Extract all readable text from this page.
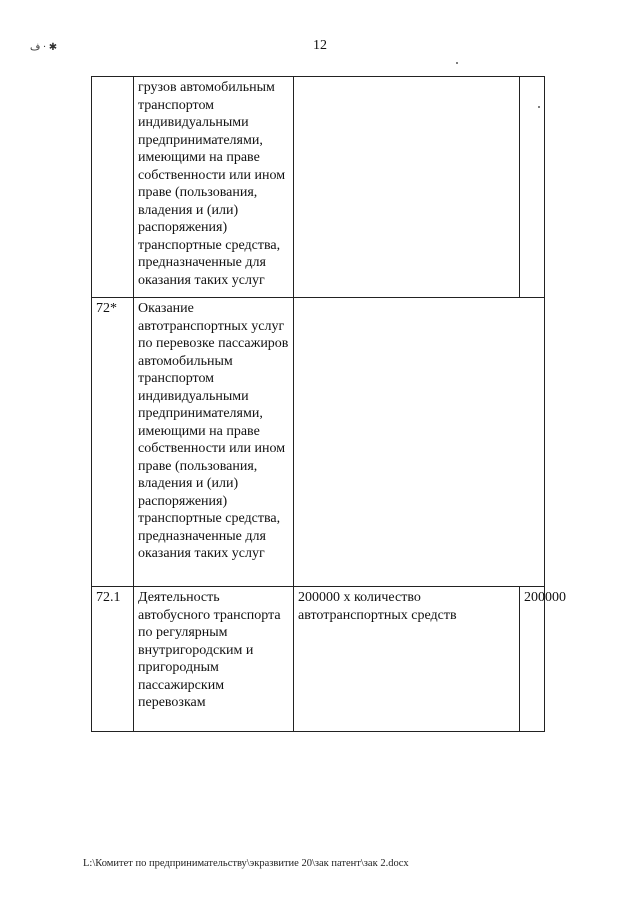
12
ف · ✱
	грузов автомобильным транспортом индивидуальными предпринимателями, имеющими на праве собственности или ином праве (пользования, владения и (или) распоряжения) транспортные средства, предназначенные для оказания таких услуг		
72*	Оказание автотранспортных услуг по перевозке пассажиров автомобильным транспортом индивидуальными предпринимателями, имеющими на праве собственности или ином праве (пользования, владения и (или) распоряжения) транспортные средства, предназначенные для оказания таких услуг		
72.1	Деятельность автобусного транспорта по регулярным внутригородским и пригородным пассажирским перевозкам	200000 х количество автотранспортных средств	200000
L:\Комитет по предпринимательству\экразвитие 20\зак патент\зак 2.docx
